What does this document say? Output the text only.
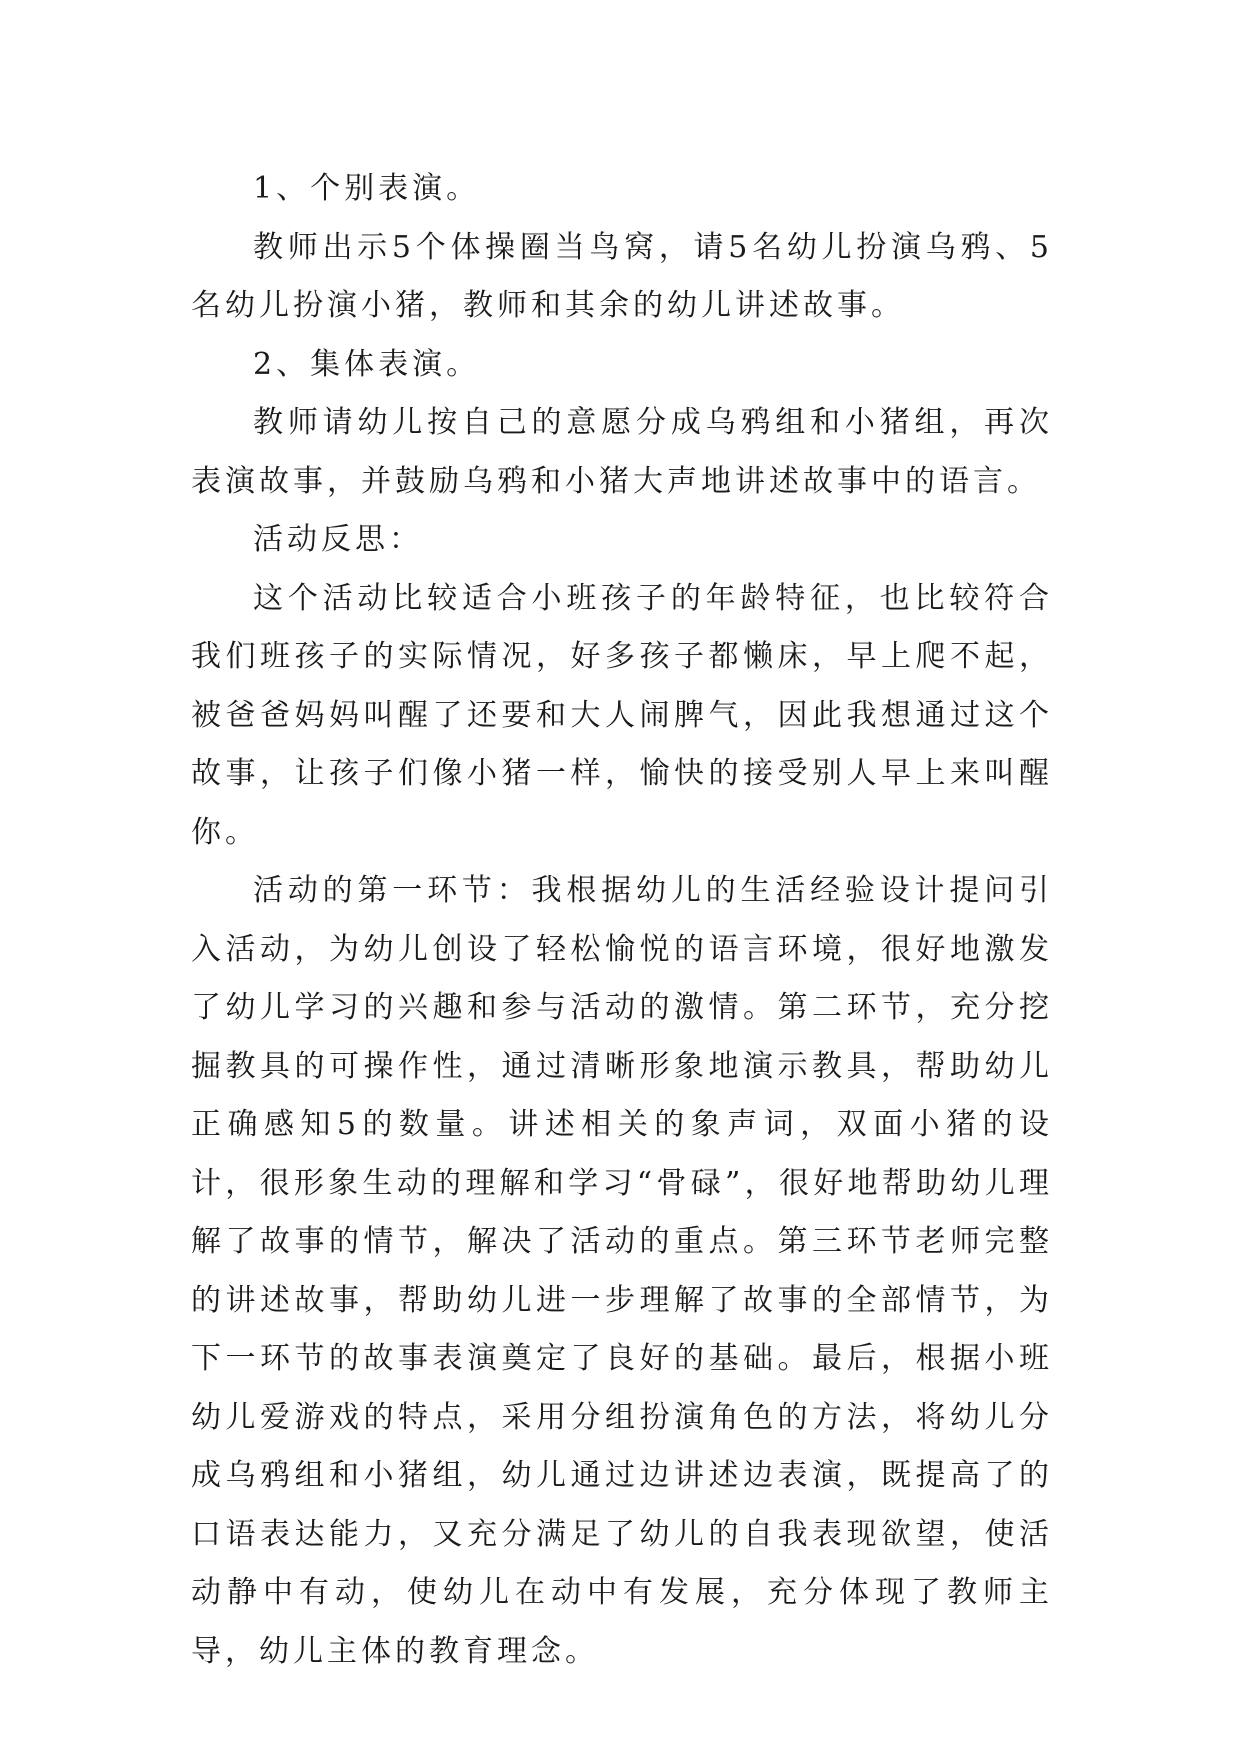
1、个别表演。

教师出示5个体操圈当鸟窝，请5名幼儿扮演乌鸦、5名幼儿扮演小猪，教师和其余的幼儿讲述故事。

2、集体表演。

教师请幼儿按自己的意愿分成乌鸦组和小猪组，再次表演故事，并鼓励乌鸦和小猪大声地讲述故事中的语言。

活动反思：

这个活动比较适合小班孩子的年龄特征，也比较符合我们班孩子的实际情况，好多孩子都懒床，早上爬不起，被爸爸妈妈叫醒了还要和大人闹脾气，因此我想通过这个故事，让孩子们像小猪一样，愉快的接受别人早上来叫醒你。

活动的第一环节：我根据幼儿的生活经验设计提问引入活动，为幼儿创设了轻松愉悦的语言环境，很好地激发了幼儿学习的兴趣和参与活动的激情。第二环节，充分挖掘教具的可操作性，通过清晰形象地演示教具，帮助幼儿正确感知5的数量。讲述相关的象声词，双面小猪的设计，很形象生动的理解和学习“骨碌”，很好地帮助幼儿理解了故事的情节，解决了活动的重点。第三环节老师完整的讲述故事，帮助幼儿进一步理解了故事的全部情节，为下一环节的故事表演奠定了良好的基础。最后，根据小班幼儿爱游戏的特点，采用分组扮演角色的方法，将幼儿分成乌鸦组和小猪组，幼儿通过边讲述边表演，既提高了的口语表达能力，又充分满足了幼儿的自我表现欲望，使活动静中有动，使幼儿在动中有发展，充分体现了教师主导，幼儿主体的教育理念。
